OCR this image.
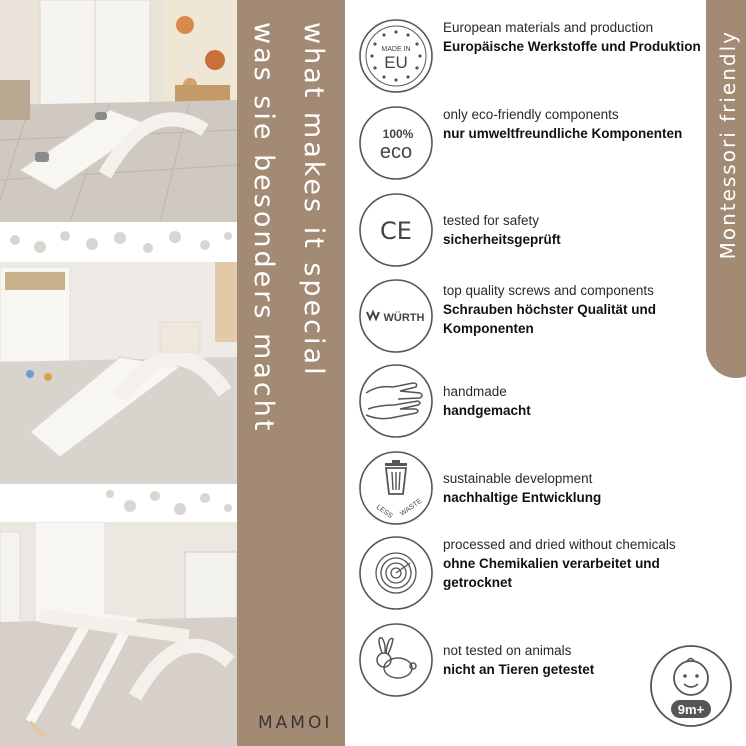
what makes it special
was sie besonders macht
MAMOI
Montessori friendly
MADE IN
EU
European materials and production
Europäische Werkstoffe und Produktion
100%
eco
only eco-friendly components
nur umweltfreundliche Komponenten
CE tested for safety
sicherheitsgeprüft
WÜRTH
top quality screws and components
Schrauben höchster Qualität und Komponenten
handmade
handgemacht
LESS WASTE
sustainable development
nachhaltige Entwicklung
processed and dried without chemicals
ohne Chemikalien verarbeitet und getrocknet
not tested on animals
nicht an Tieren getestet
9m+
